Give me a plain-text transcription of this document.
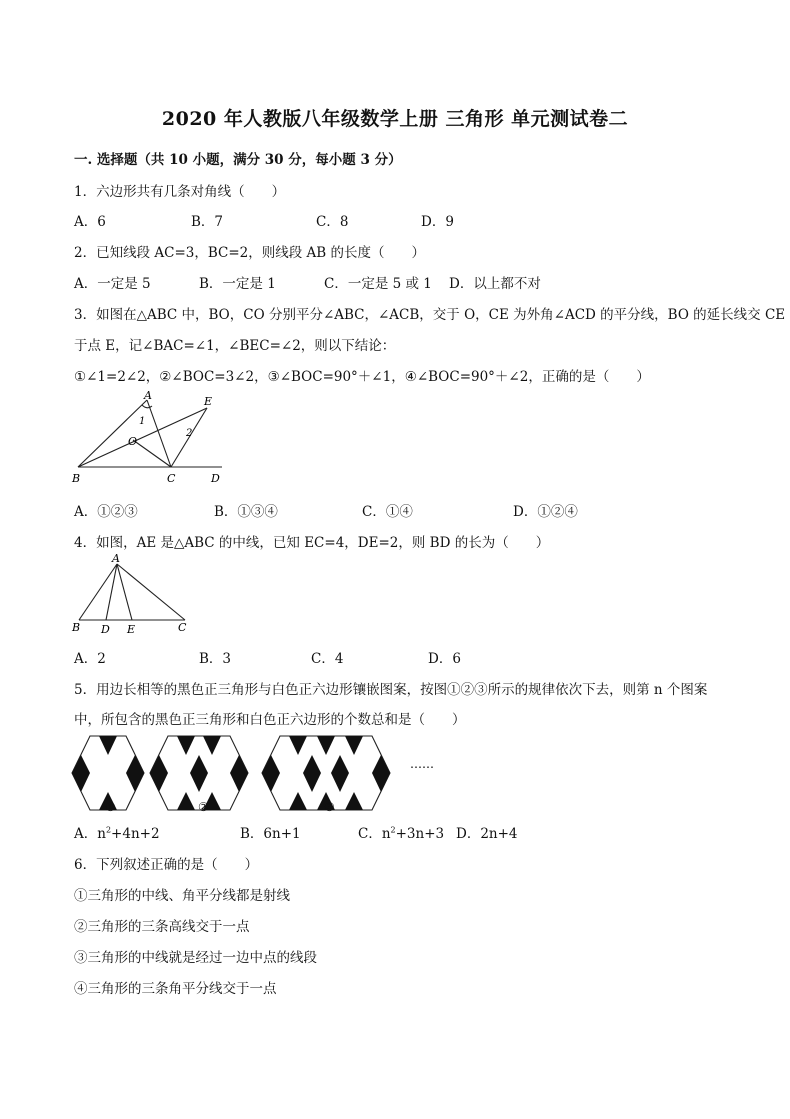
2020 年人教版八年级数学上册 三角形 单元测试卷二
一. 选择题（共 10 小题，满分 30 分，每小题 3 分）
1．六边形共有几条对角线（　　）
A．6	B．7	C．8	D．9
2．已知线段 AC=3，BC=2，则线段 AB 的长度（　　）
A．一定是 5	B．一定是 1	C．一定是 5 或 1 D．以上都不对
3．如图在△ABC 中，BO，CO 分别平分∠ABC，∠ACB，交于 O，CE 为外角∠ACD 的平分线，BO 的延长线交 CE
于点 E，记∠BAC=∠1，∠BEC=∠2，则以下结论：
①∠1=2∠2，②∠BOC=3∠2，③∠BOC=90°＋∠1，④∠BOC=90°＋∠2，正确的是（　　）
A	E
O
1
2
B	C	D
A．①②③	B．①③④	C．①④	D．①②④
4．如图，AE 是△ABC 的中线，已知 EC=4，DE=2，则 BD 的长为（　　）
A
B D E	C
A．2	B．3	C．4	D．6
5．用边长相等的黑色正三角形与白色正六边形镶嵌图案，按图①②③所示的规律依次下去，则第 n 个图案
中，所包含的黑色正三角形和白色正六边形的个数总和是（　　）
……
①	②	③
A．$n^2+4n+2$	B．6n+1	C．$n^2+3n+3$ D．2n+4
6．下列叙述正确的是（　　）
①三角形的中线、角平分线都是射线
②三角形的三条高线交于一点
③三角形的中线就是经过一边中点的线段
④三角形的三条角平分线交于一点
